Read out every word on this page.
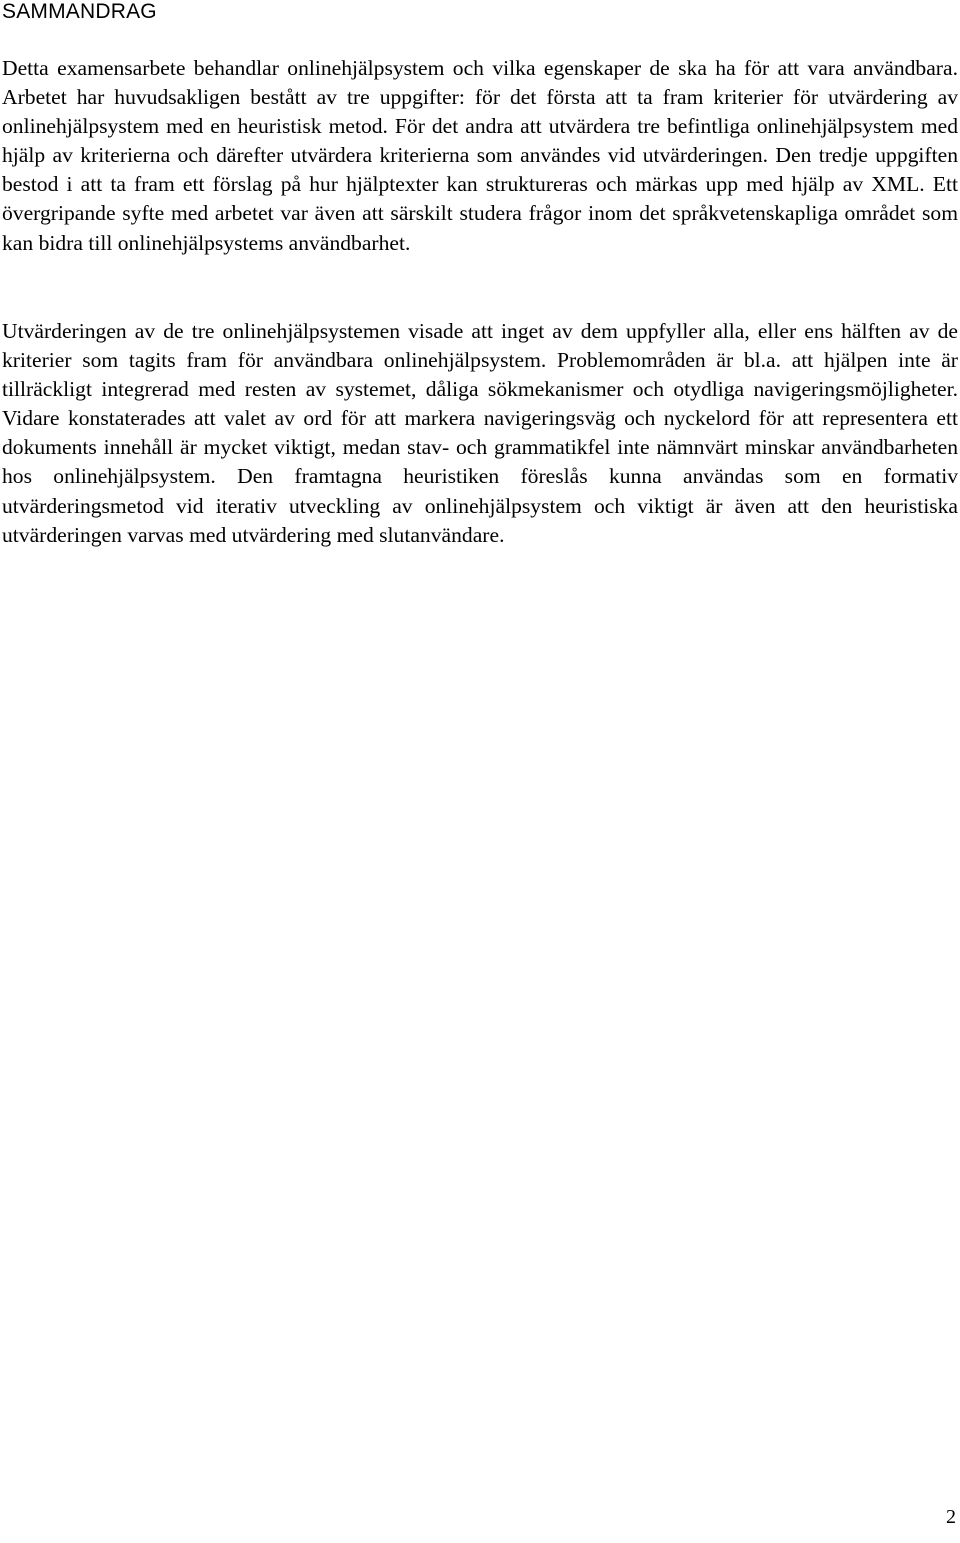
SAMMANDRAG

Detta examensarbete behandlar onlinehjälpsystem och vilka egenskaper de ska ha för att vara användbara. Arbetet har huvudsakligen bestått av tre uppgifter: för det första att ta fram kriterier för utvärdering av onlinehjälpsystem med en heuristisk metod. För det andra att utvärdera tre befintliga onlinehjälpsystem med hjälp av kriterierna och därefter utvärdera kriterierna som användes vid utvärderingen. Den tredje uppgiften bestod i att ta fram ett förslag på hur hjälptexter kan struktureras och märkas upp med hjälp av XML. Ett övergripande syfte med arbetet var även att särskilt studera frågor inom det språkvetenskapliga området som kan bidra till onlinehjälpsystems användbarhet.

Utvärderingen av de tre onlinehjälpsystemen visade att inget av dem uppfyller alla, eller ens hälften av de kriterier som tagits fram för användbara onlinehjälpsystem. Problemområden är bl.a. att hjälpen inte är tillräckligt integrerad med resten av systemet, dåliga sökmekanismer och otydliga navigeringsmöjligheter. Vidare konstaterades att valet av ord för att markera navigeringsväg och nyckelord för att representera ett dokuments innehåll är mycket viktigt, medan stav- och grammatikfel inte nämnvärt minskar användbarheten hos onlinehjälpsystem. Den framtagna heuristiken föreslås kunna användas som en formativ utvärderingsmetod vid iterativ utveckling av onlinehjälpsystem och viktigt är även att den heuristiska utvärderingen varvas med utvärdering med slutanvändare.

2
